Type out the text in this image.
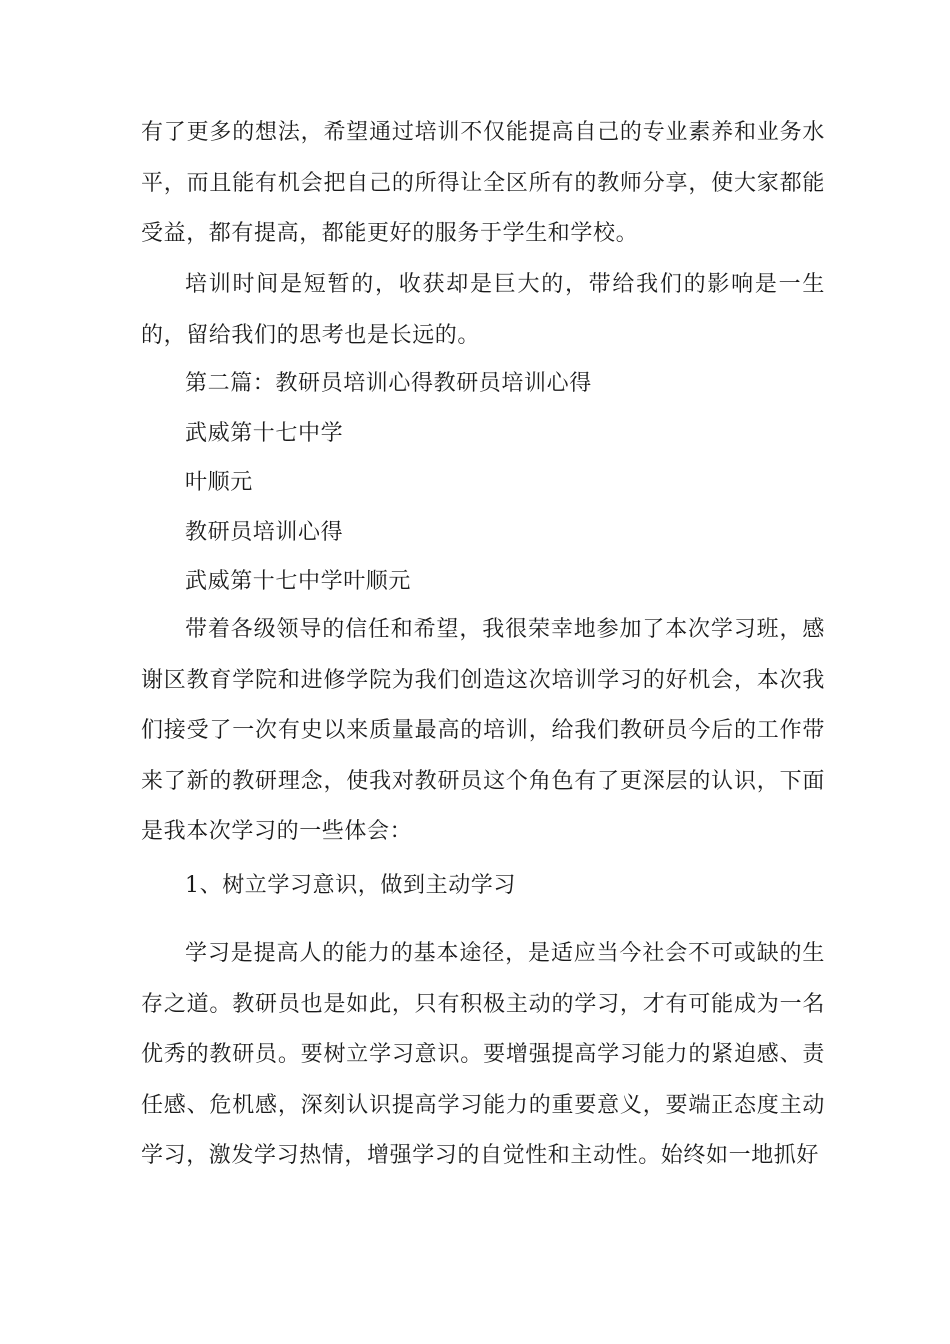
有了更多的想法，希望通过培训不仅能提高自己的专业素养和业务水平，而且能有机会把自己的所得让全区所有的教师分享，使大家都能受益，都有提高，都能更好的服务于学生和学校。

培训时间是短暂的，收获却是巨大的，带给我们的影响是一生的，留给我们的思考也是长远的。

第二篇：教研员培训心得教研员培训心得

武威第十七中学

叶顺元

教研员培训心得

武威第十七中学叶顺元

带着各级领导的信任和希望，我很荣幸地参加了本次学习班，感谢区教育学院和进修学院为我们创造这次培训学习的好机会，本次我们接受了一次有史以来质量最高的培训，给我们教研员今后的工作带来了新的教研理念，使我对教研员这个角色有了更深层的认识，下面是我本次学习的一些体会：

1、树立学习意识，做到主动学习

学习是提高人的能力的基本途径，是适应当今社会不可或缺的生存之道。教研员也是如此，只有积极主动的学习，才有可能成为一名优秀的教研员。要树立学习意识。要增强提高学习能力的紧迫感、责任感、危机感，深刻认识提高学习能力的重要意义，要端正态度主动学习，激发学习热情，增强学习的自觉性和主动性。始终如一地抓好
